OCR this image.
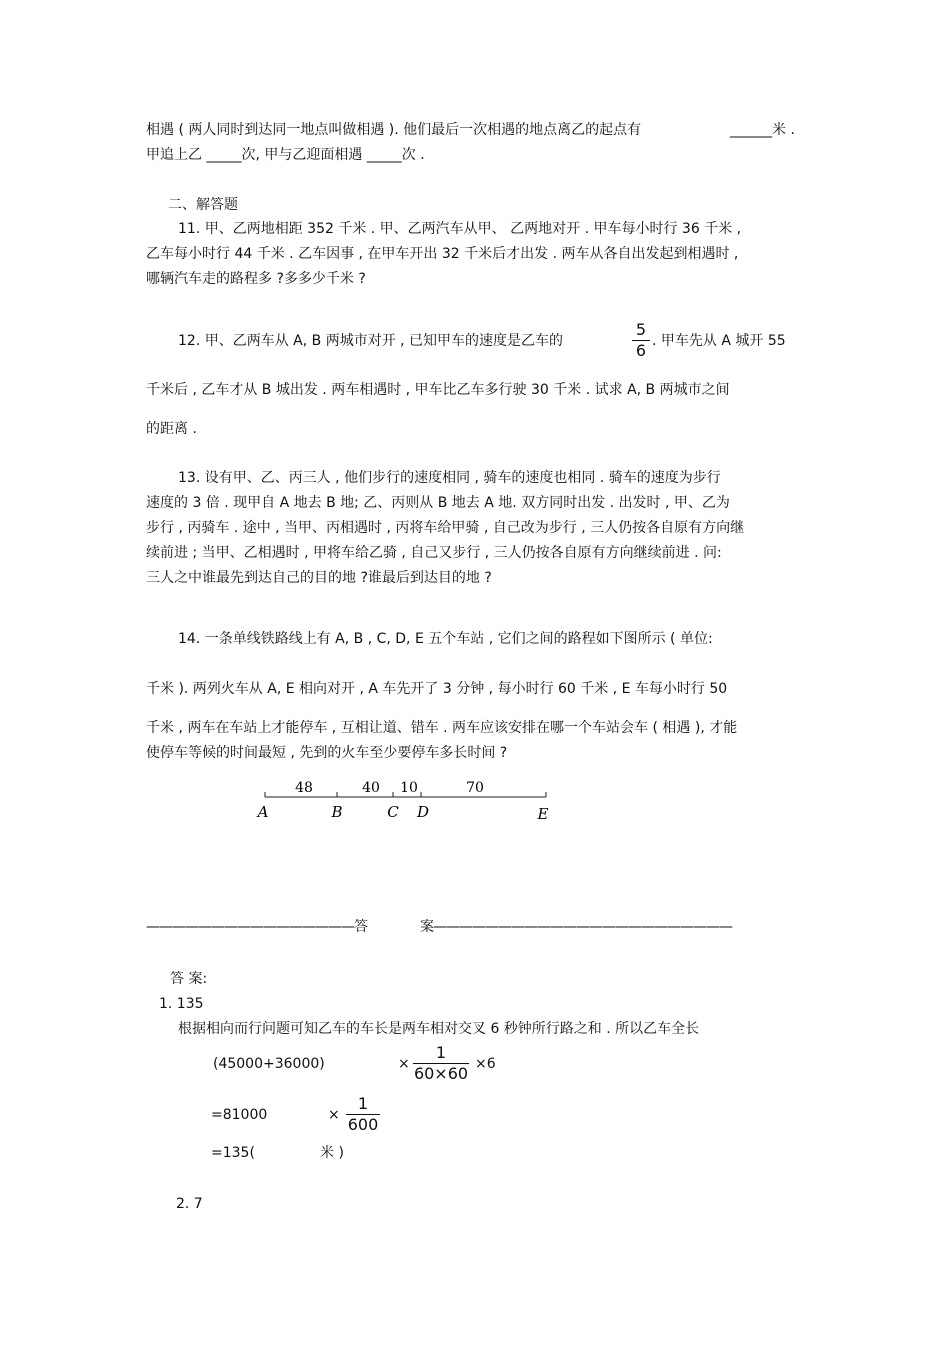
相遇 ( 两人同时到达同一地点叫做相遇 ). 他们最后一次相遇的地点离乙的起点有	______米 .
甲追上乙 _____次, 甲与乙迎面相遇 _____次 .
二、解答题
11. 甲、乙两地相距 352 千米 . 甲、乙两汽车从甲、 乙两地对开 . 甲车每小时行 36 千米 ,
乙车每小时行 44 千米 . 乙车因事 , 在甲车开出 32 千米后才出发 . 两车从各自出发起到相遇时 ,
哪辆汽车走的路程多 ?多多少千米 ?
12. 甲、乙两车从 A, B 两城市对开 , 已知甲车的速度是乙车的
5
6 . 甲车先从 A 城开 55
千米后 , 乙车才从 B 城出发 . 两车相遇时 , 甲车比乙车多行驶 30 千米 . 试求 A, B 两城市之间
的距离 .
13. 设有甲、乙、丙三人 , 他们步行的速度相同 , 骑车的速度也相同 . 骑车的速度为步行
速度的 3 倍 . 现甲自 A 地去 B 地; 乙、丙则从 B 地去 A 地. 双方同时出发 . 出发时 , 甲、乙为
步行 , 丙骑车 . 途中 , 当甲、丙相遇时 , 丙将车给甲骑 , 自己改为步行 , 三人仍按各自原有方向继
续前进 ; 当甲、乙相遇时 , 甲将车给乙骑 , 自己又步行 , 三人仍按各自原有方向继续前进 . 问:
三人之中谁最先到达自己的目的地 ?谁最后到达目的地 ?
14. 一条单线铁路线上有 A, B , C, D, E 五个车站 , 它们之间的路程如下图所示 ( 单位:
千米 ). 两列火车从 A, E 相向对开 , A 车先开了 3 分钟 , 每小时行 60 千米 , E 车每小时行 50
千米 , 两车在车站上才能停车 , 互相让道、错车 . 两车应该安排在哪一个车站会车 ( 相遇 ), 才能
使停车等候的时间最短 , 先到的火车至少要停车多长时间 ?
48	40 10	70
A	B	C D	E
————————————————答	案———————————————————————
答 案:
1. 135
根据相向而行问题可知乙车的车长是两车相对交叉 6 秒钟所行路之和 . 所以乙车全长
(45000+36000)	×
1
60×60 ×6
=81000	×
1
600
=135(	米 )
2. 7
